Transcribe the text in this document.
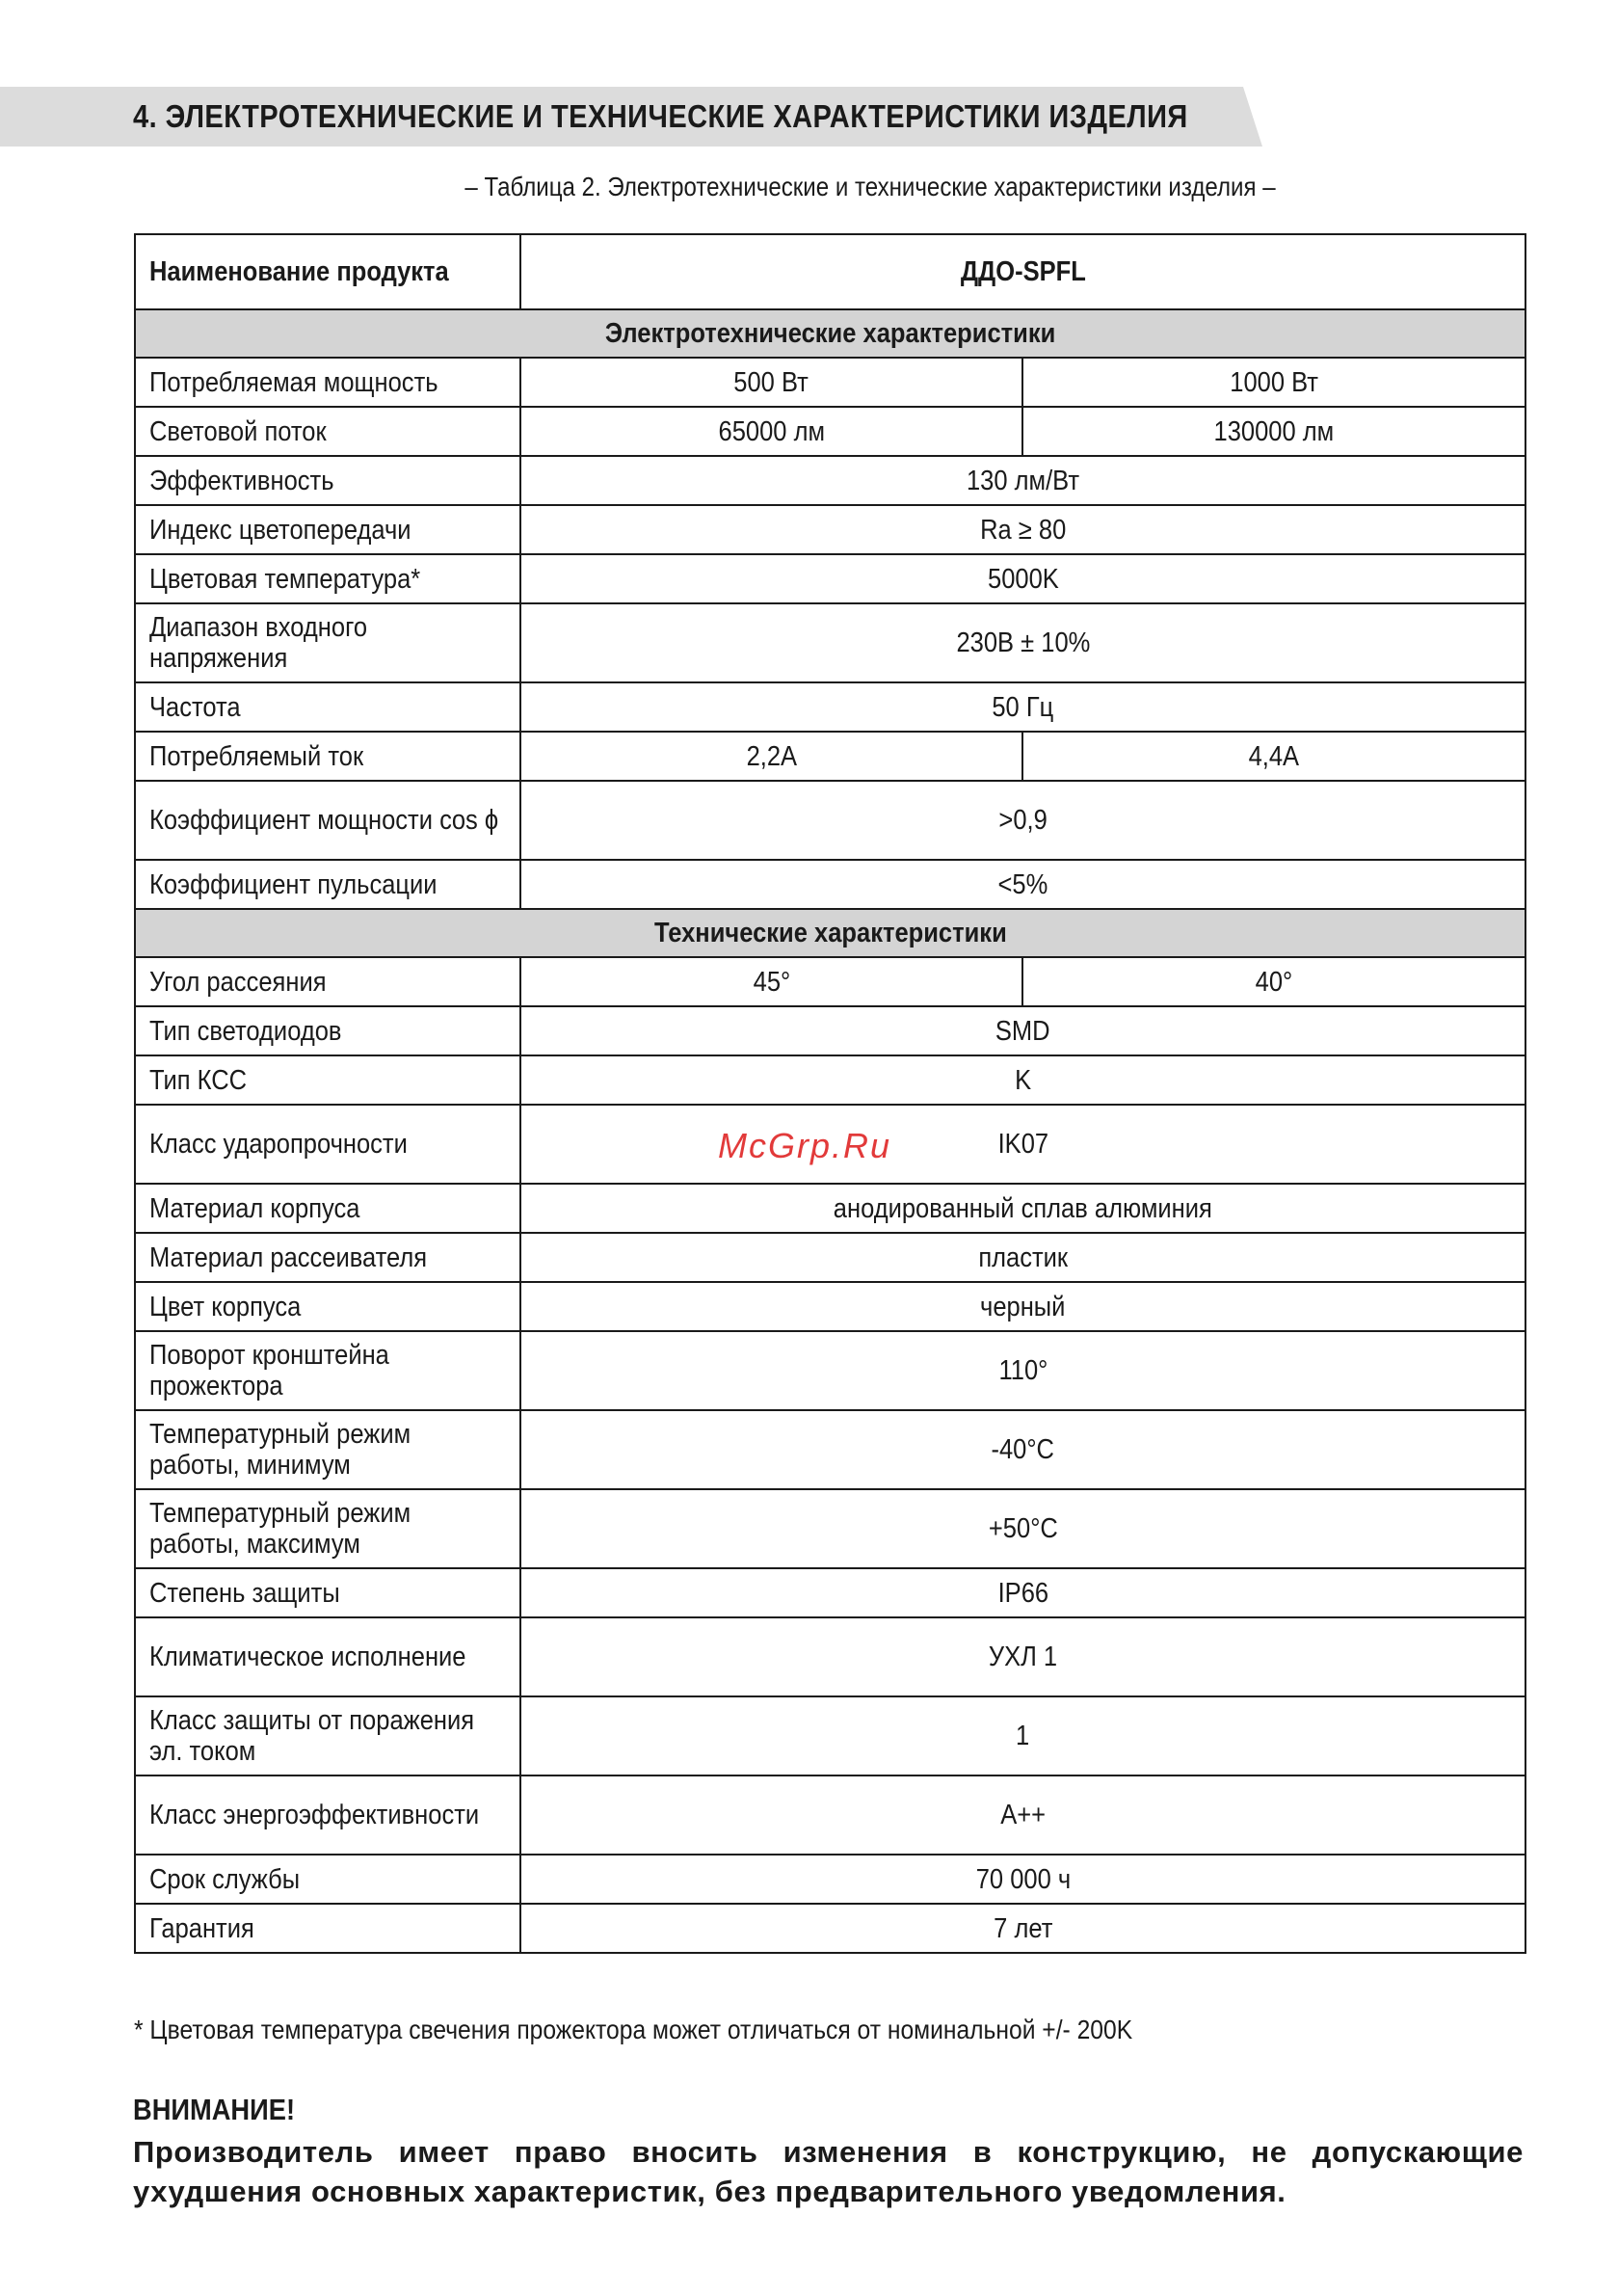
4. ЭЛЕКТРОТЕХНИЧЕСКИЕ И ТЕХНИЧЕСКИЕ ХАРАКТЕРИСТИКИ ИЗДЕЛИЯ

– Таблица 2. Электротехнические и технические характеристики изделия –

Наименование продукта	ДДО-SPFL	
Электротехнические характеристики		
Потребляемая мощность	500 Вт	1000 Вт
Световой поток	65000 лм	130000 лм
Эффективность	130 лм/Вт	
Индекс цветопередачи	Ra ≥ 80	
Цветовая температура*	5000K	
Диапазон входного напряжения	230В ± 10%	
Частота	50 Гц	
Потребляемый ток	2,2А	4,4А
Коэффициент мощности cos ϕ	>0,9	
Коэффициент пульсации	<5%	
Технические характеристики		
Угол рассеяния	45°	40°
Тип светодиодов	SMD	
Тип КСС	K	
Класс ударопрочности	IK07	
Материал корпуса	анодированный сплав алюминия	
Материал рассеивателя	пластик	
Цвет корпуса	черный	
Поворот кронштейна прожектора	110°	
Температурный режим работы, минимум	-40°C	
Температурный режим работы, максимум	+50°C	
Степень защиты	IP66	
Климатическое исполнение	УХЛ 1	
Класс защиты от поражения эл. током	1	
Класс энергоэффективности	А++	
Срок службы	70 000 ч	
Гарантия	7 лет	

McGrp.Ru

* Цветовая температура свечения прожектора может отличаться от номинальной +/- 200K

ВНИМАНИЕ!

Производитель имеет право вносить изменения в конструкцию, не допускающие ухудшения основных характеристик, без предварительного уведомления.
